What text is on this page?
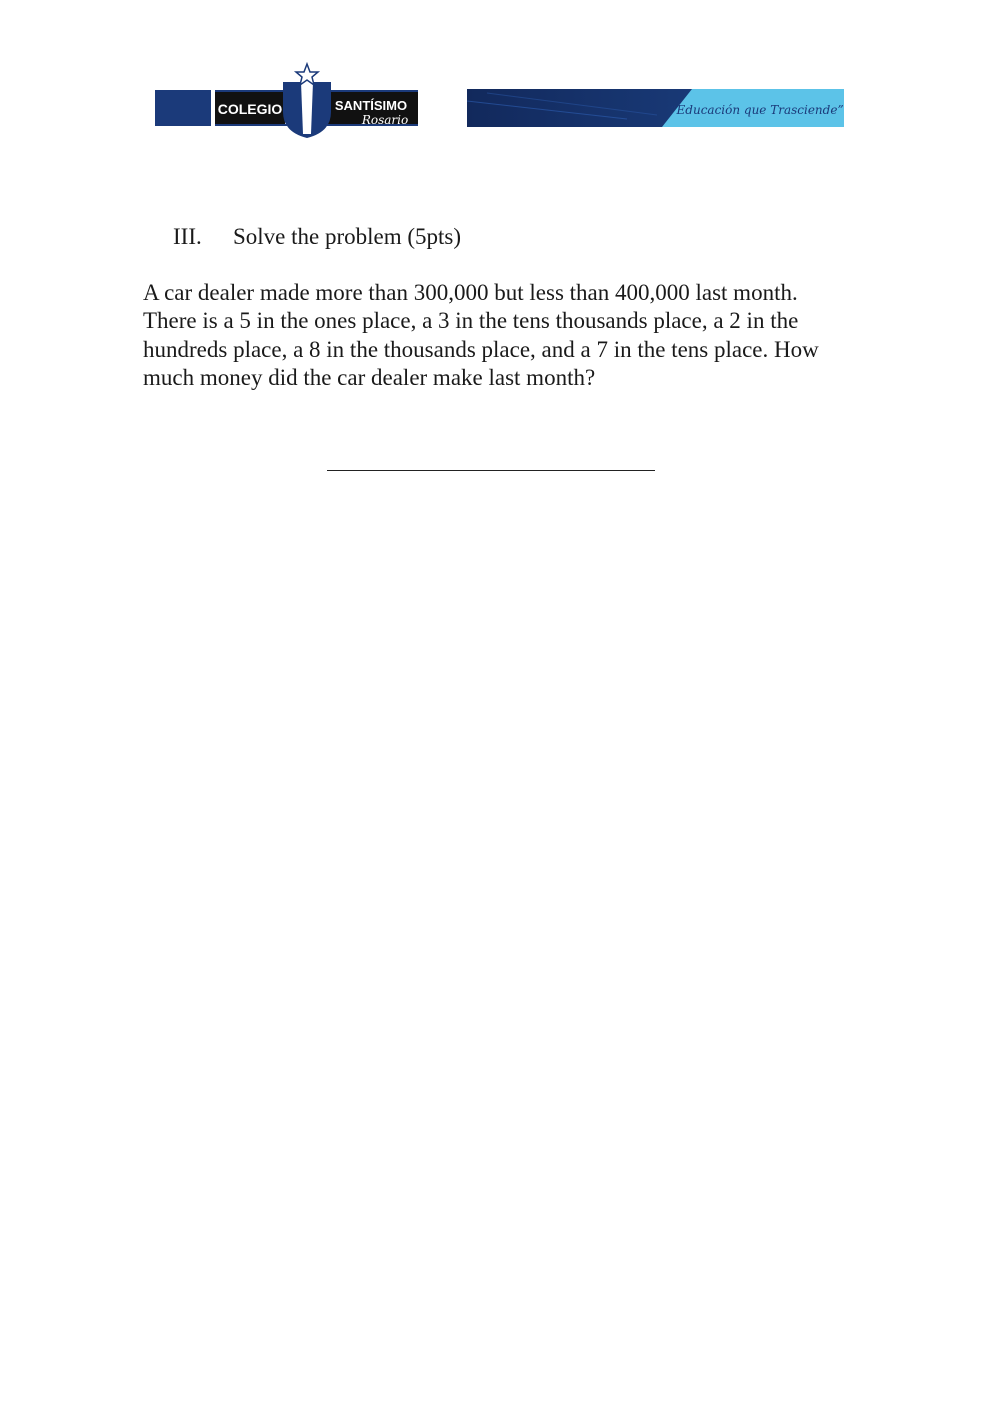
COLEGIO	SANTÍSIMO
Rosario
“Educación que Trasciende”
III. Solve the problem (5pts)
A car dealer made more than 300,000 but less than 400,000 last month. There is a 5 in the ones place, a 3 in the tens thousands place, a 2 in the hundreds place, a 8 in the thousands place, and a 7 in the tens place. How much money did the car dealer make last month?
